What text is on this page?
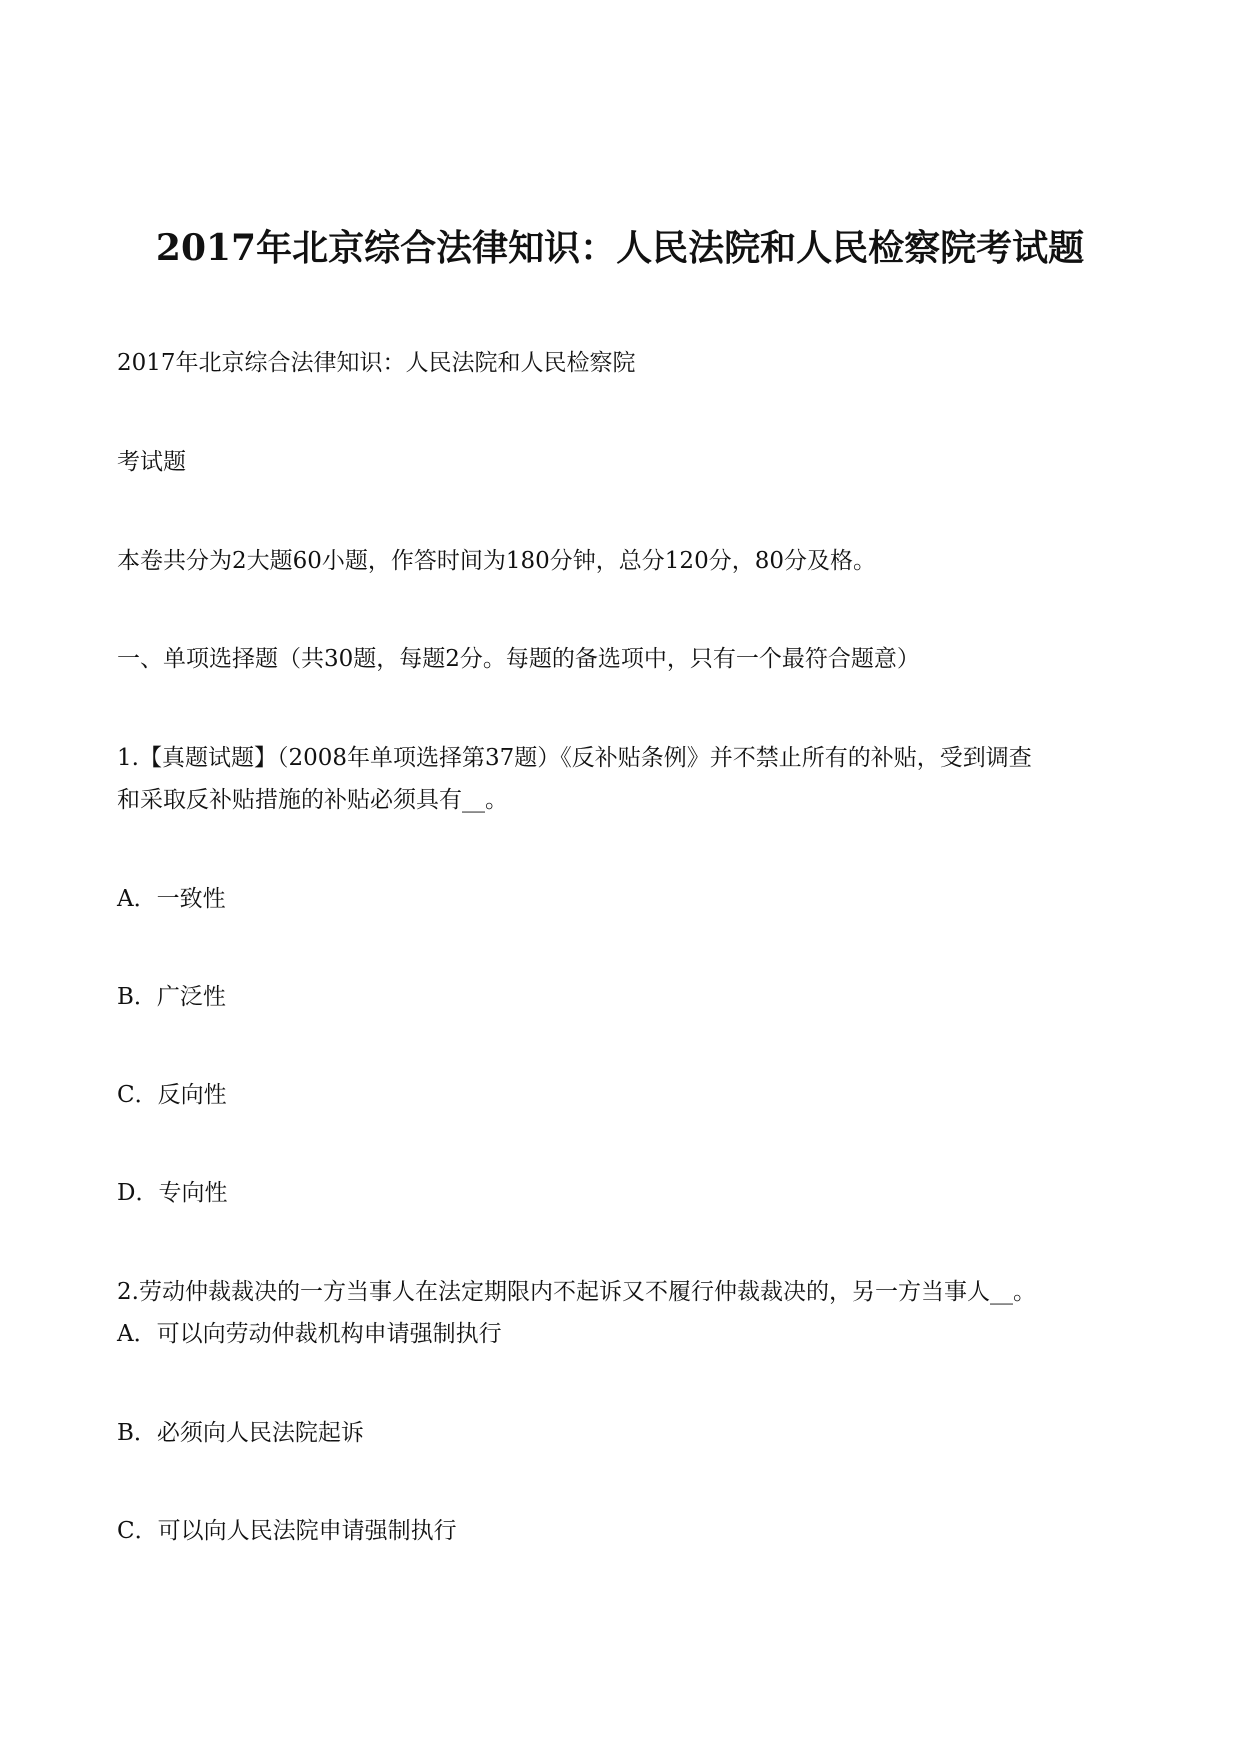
2017年北京综合法律知识：人民法院和人民检察院考试题
2017年北京综合法律知识：人民法院和人民检察院
考试题
本卷共分为2大题60小题，作答时间为180分钟，总分120分，80分及格。
一、单项选择题（共30题，每题2分。每题的备选项中，只有一个最符合题意）
1.【真题试题】（2008年单项选择第37题）《反补贴条例》并不禁止所有的补贴，受到调查
和采取反补贴措施的补贴必须具有__。
A．一致性
B．广泛性
C．反向性
D．专向性
2.劳动仲裁裁决的一方当事人在法定期限内不起诉又不履行仲裁裁决的，另一方当事人__。
A．可以向劳动仲裁机构申请强制执行
B．必须向人民法院起诉
C．可以向人民法院申请强制执行
